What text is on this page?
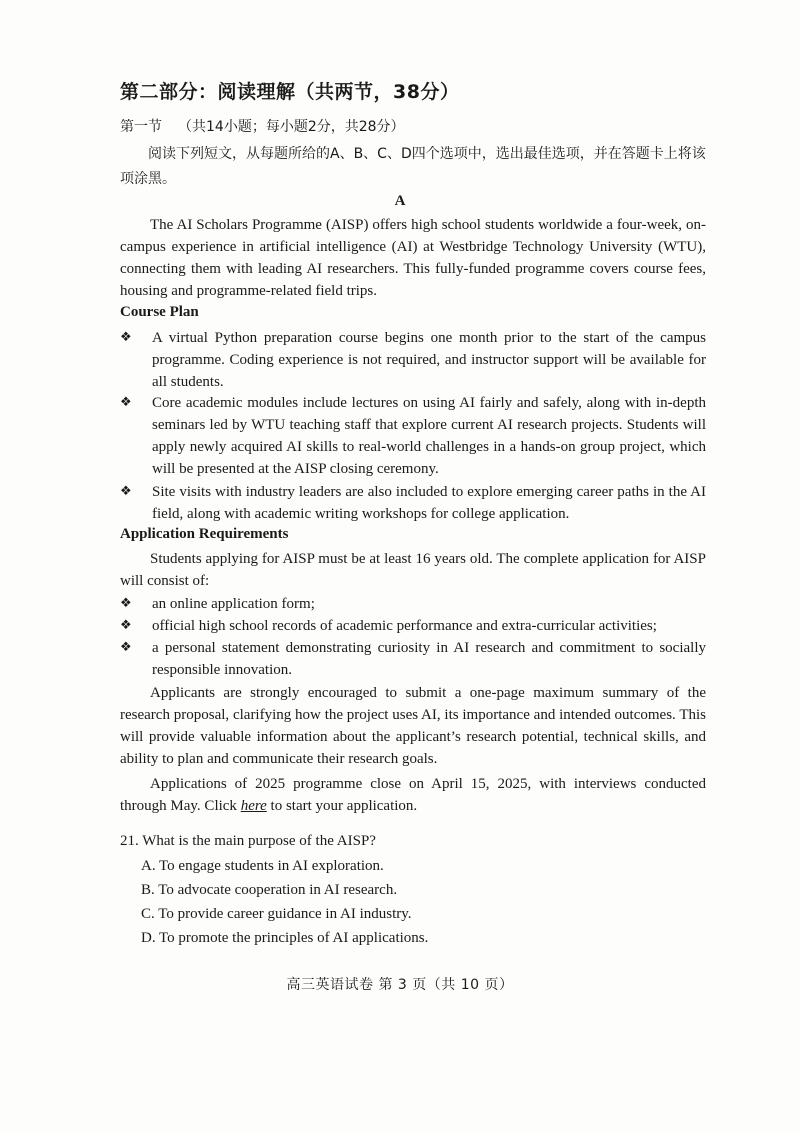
第二部分：阅读理解（共两节，38分）
第一节 （共14小题；每小题2分，共28分）
阅读下列短文，从每题所给的A、B、C、D四个选项中，选出最佳选项，并在答题卡上将该项涂黑。
A
The AI Scholars Programme (AISP) offers high school students worldwide a four-week, on-campus experience in artificial intelligence (AI) at Westbridge Technology University (WTU), connecting them with leading AI researchers. This fully-funded programme covers course fees, housing and programme-related field trips.
Course Plan
❖	A virtual Python preparation course begins one month prior to the start of the campus programme. Coding experience is not required, and instructor support will be available for all students.
❖	Core academic modules include lectures on using AI fairly and safely, along with in-depth seminars led by WTU teaching staff that explore current AI research projects. Students will apply newly acquired AI skills to real-world challenges in a hands-on group project, which will be presented at the AISP closing ceremony.
❖	Site visits with industry leaders are also included to explore emerging career paths in the AI field, along with academic writing workshops for college application.
Application Requirements
Students applying for AISP must be at least 16 years old. The complete application for AISP will consist of:
❖	an online application form;
❖	official high school records of academic performance and extra-curricular activities;
❖	a personal statement demonstrating curiosity in AI research and commitment to socially responsible innovation.
Applicants are strongly encouraged to submit a one-page maximum summary of the research proposal, clarifying how the project uses AI, its importance and intended outcomes. This will provide valuable information about the applicant’s research potential, technical skills, and ability to plan and communicate their research goals.
Applications of 2025 programme close on April 15, 2025, with interviews conducted through May. Click here to start your application.
21. What is the main purpose of the AISP?
A. To engage students in AI exploration.
B. To advocate cooperation in AI research.
C. To provide career guidance in AI industry.
D. To promote the principles of AI applications.
高三英语试卷 第 3 页（共 10 页）
